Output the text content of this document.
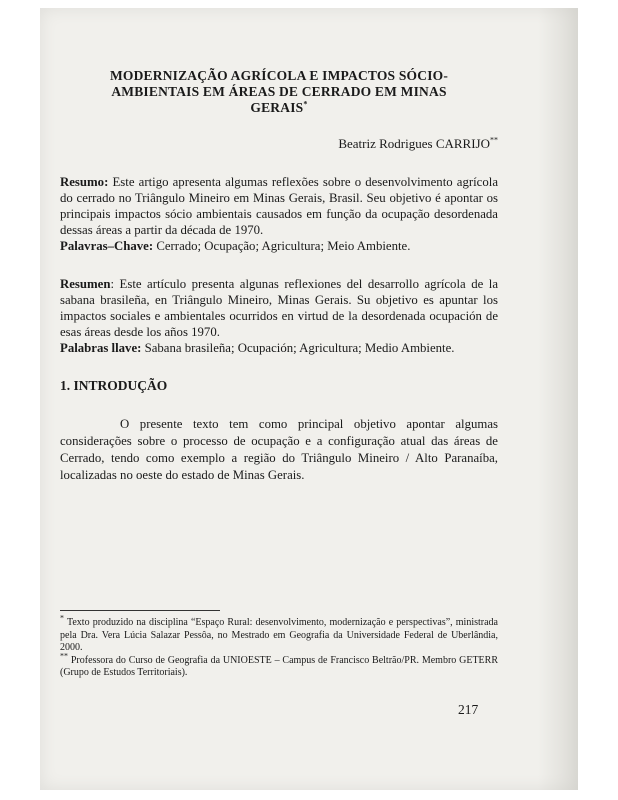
MODERNIZAÇÃO AGRÍCOLA E IMPACTOS SÓCIO-
AMBIENTAIS EM ÁREAS DE CERRADO EM MINAS
GERAIS*
Beatriz Rodrigues CARRIJO**

Resumo: Este artigo apresenta algumas reflexões sobre o desenvolvimento agrícola do cerrado no Triângulo Mineiro em Minas Gerais, Brasil. Seu objetivo é apontar os principais impactos sócio ambientais causados em função da ocupação desordenada dessas áreas a partir da década de 1970.

Palavras–Chave: Cerrado; Ocupação; Agricultura; Meio Ambiente.

Resumen: Este artículo presenta algunas reflexiones del desarrollo agrícola de la sabana brasileña, en Triângulo Mineiro, Minas Gerais. Su objetivo es apuntar los impactos sociales e ambientales ocurridos en virtud de la desordenada ocupación de esas áreas desde los años 1970.

Palabras llave: Sabana brasileña; Ocupación; Agricultura; Medio Ambiente.

1. INTRODUÇÃO

O presente texto tem como principal objetivo apontar algumas considerações sobre o processo de ocupação e a configuração atual das áreas de Cerrado, tendo como exemplo a região do Triângulo Mineiro / Alto Paranaíba, localizadas no oeste do estado de Minas Gerais.

* Texto produzido na disciplina “Espaço Rural: desenvolvimento, modernização e perspectivas”, ministrada pela Dra. Vera Lúcia Salazar Pessôa, no Mestrado em Geografia da Universidade Federal de Uberlândia, 2000.

** Professora do Curso de Geografia da UNIOESTE – Campus de Francisco Beltrão/PR. Membro GETERR (Grupo de Estudos Territoriais).

217
